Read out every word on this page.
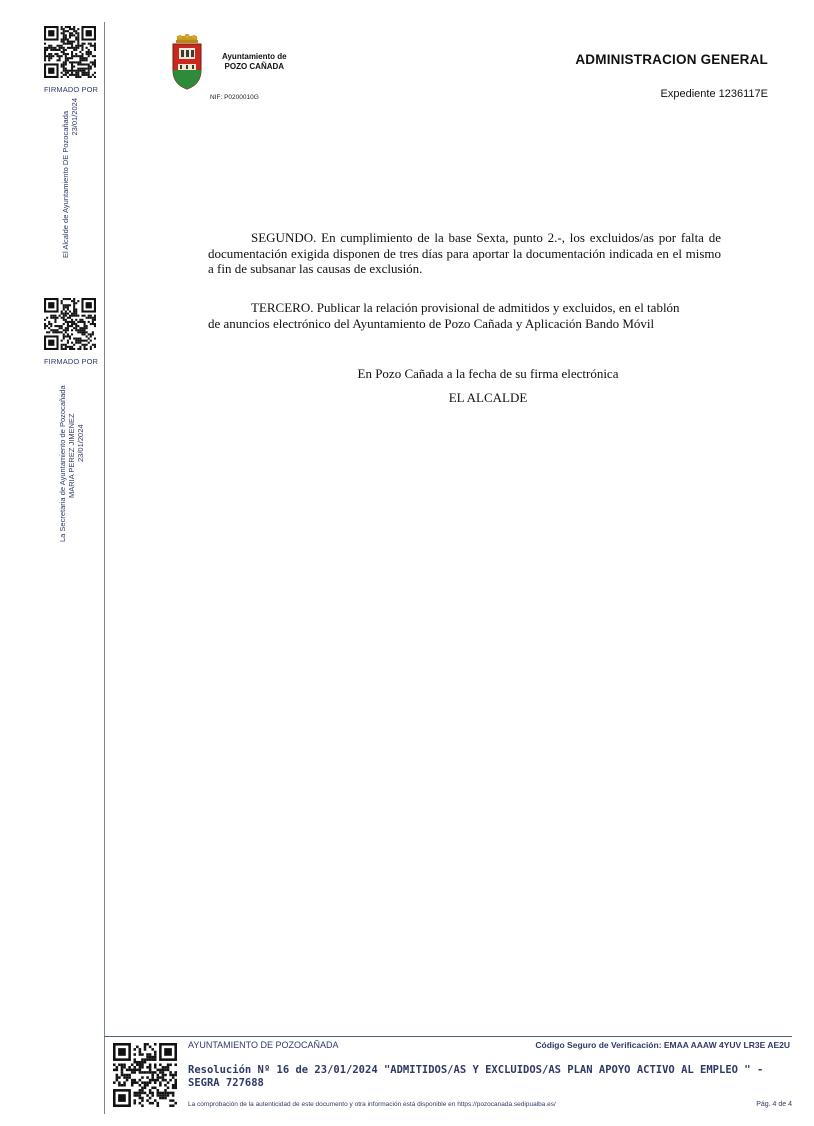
FIRMADO POR
El Alcalde de Ayuntamiento DE Pozocañada 23/01/2024
FIRMADO POR
La Secretaria de Ayuntamiento de Pozocañada MARIA PEREZ JIMENEZ 23/01/2024
Ayuntamiento de
POZO CAÑADA
NIF: P0200010G
ADMINISTRACION GENERAL
Expediente 1236117E
SEGUNDO. En cumplimiento de la base Sexta, punto 2.-, los excluidos/as por falta de documentación exigida disponen de tres días para aportar la documentación indicada en el mismo a fin de subsanar las causas de exclusión.
TERCERO. Publicar la relación provisional de admitidos y excluidos, en el tablón
de anuncios electrónico del Ayuntamiento de Pozo Cañada y Aplicación Bando Móvil
En Pozo Cañada a la fecha de su firma electrónica
EL ALCALDE
AYUNTAMIENTO DE POZOCAÑADA	Código Seguro de Verificación: EMAA AAAW 4YUV LR3E AE2U
Resolución Nº 16 de 23/01/2024 "ADMITIDOS/AS Y EXCLUIDOS/AS PLAN APOYO ACTIVO AL EMPLEO " -
SEGRA 727688
La comprobación de la autenticidad de este documento y otra información está disponible en https://pozocanada.sedipualba.es/	Pág. 4 de 4
